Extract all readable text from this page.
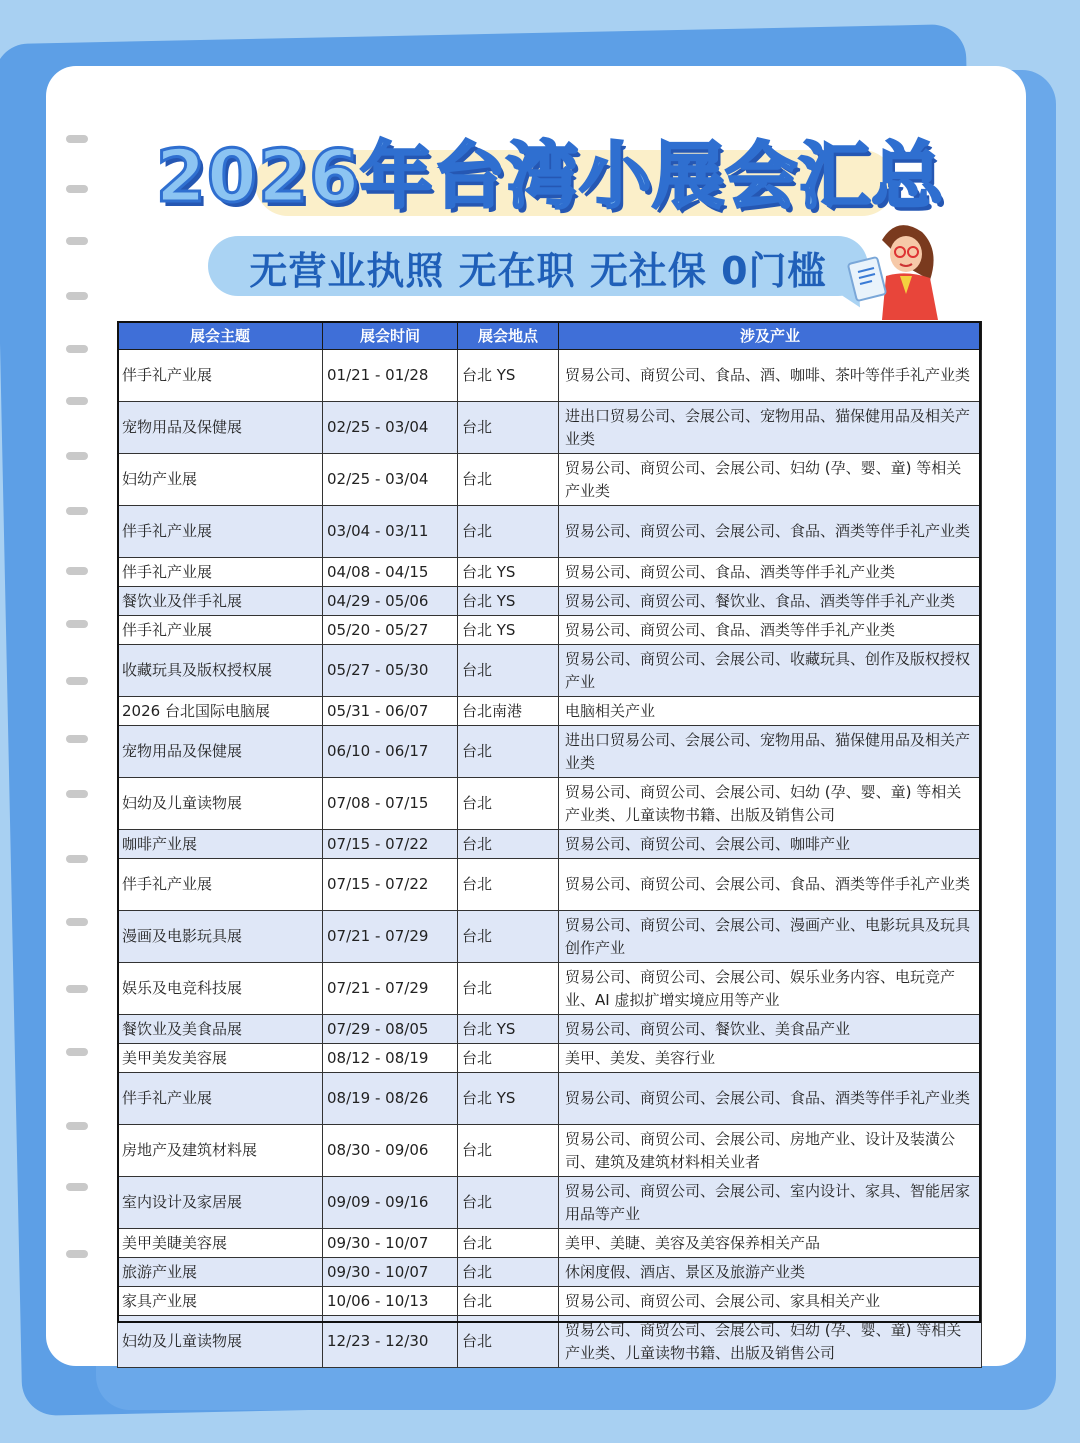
2026年台湾小展会汇总
无营业执照 无在职 无社保 0门槛
展会主题	展会时间	展会地点	涉及产业
伴手礼产业展	01/21 - 01/28	台北 YS	贸易公司、商贸公司、食品、酒、咖啡、茶叶等伴手礼产业类
宠物用品及保健展	02/25 - 03/04	台北	进出口贸易公司、会展公司、宠物用品、猫保健用品及相关产业类
妇幼产业展	02/25 - 03/04	台北	贸易公司、商贸公司、会展公司、妇幼 (孕、婴、童) 等相关产业类
伴手礼产业展	03/04 - 03/11	台北	贸易公司、商贸公司、会展公司、食品、酒类等伴手礼产业类
伴手礼产业展	04/08 - 04/15	台北 YS	贸易公司、商贸公司、食品、酒类等伴手礼产业类
餐饮业及伴手礼展	04/29 - 05/06	台北 YS	贸易公司、商贸公司、餐饮业、食品、酒类等伴手礼产业类
伴手礼产业展	05/20 - 05/27	台北 YS	贸易公司、商贸公司、食品、酒类等伴手礼产业类
收藏玩具及版权授权展	05/27 - 05/30	台北	贸易公司、商贸公司、会展公司、收藏玩具、创作及版权授权产业
2026 台北国际电脑展	05/31 - 06/07	台北南港	电脑相关产业
宠物用品及保健展	06/10 - 06/17	台北	进出口贸易公司、会展公司、宠物用品、猫保健用品及相关产业类
妇幼及儿童读物展	07/08 - 07/15	台北	贸易公司、商贸公司、会展公司、妇幼 (孕、婴、童) 等相关产业类、儿童读物书籍、出版及销售公司
咖啡产业展	07/15 - 07/22	台北	贸易公司、商贸公司、会展公司、咖啡产业
伴手礼产业展	07/15 - 07/22	台北	贸易公司、商贸公司、会展公司、食品、酒类等伴手礼产业类
漫画及电影玩具展	07/21 - 07/29	台北	贸易公司、商贸公司、会展公司、漫画产业、电影玩具及玩具创作产业
娱乐及电竞科技展	07/21 - 07/29	台北	贸易公司、商贸公司、会展公司、娱乐业务内容、电玩竞产业、AI 虚拟扩增实境应用等产业
餐饮业及美食品展	07/29 - 08/05	台北 YS	贸易公司、商贸公司、餐饮业、美食品产业
美甲美发美容展	08/12 - 08/19	台北	美甲、美发、美容行业
伴手礼产业展	08/19 - 08/26	台北 YS	贸易公司、商贸公司、会展公司、食品、酒类等伴手礼产业类
房地产及建筑材料展	08/30 - 09/06	台北	贸易公司、商贸公司、会展公司、房地产业、设计及装潢公司、建筑及建筑材料相关业者
室内设计及家居展	09/09 - 09/16	台北	贸易公司、商贸公司、会展公司、室内设计、家具、智能居家用品等产业
美甲美睫美容展	09/30 - 10/07	台北	美甲、美睫、美容及美容保养相关产品
旅游产业展	09/30 - 10/07	台北	休闲度假、酒店、景区及旅游产业类
家具产业展	10/06 - 10/13	台北	贸易公司、商贸公司、会展公司、家具相关产业
妇幼及儿童读物展	12/23 - 12/30	台北	贸易公司、商贸公司、会展公司、妇幼 (孕、婴、童) 等相关产业类、儿童读物书籍、出版及销售公司
